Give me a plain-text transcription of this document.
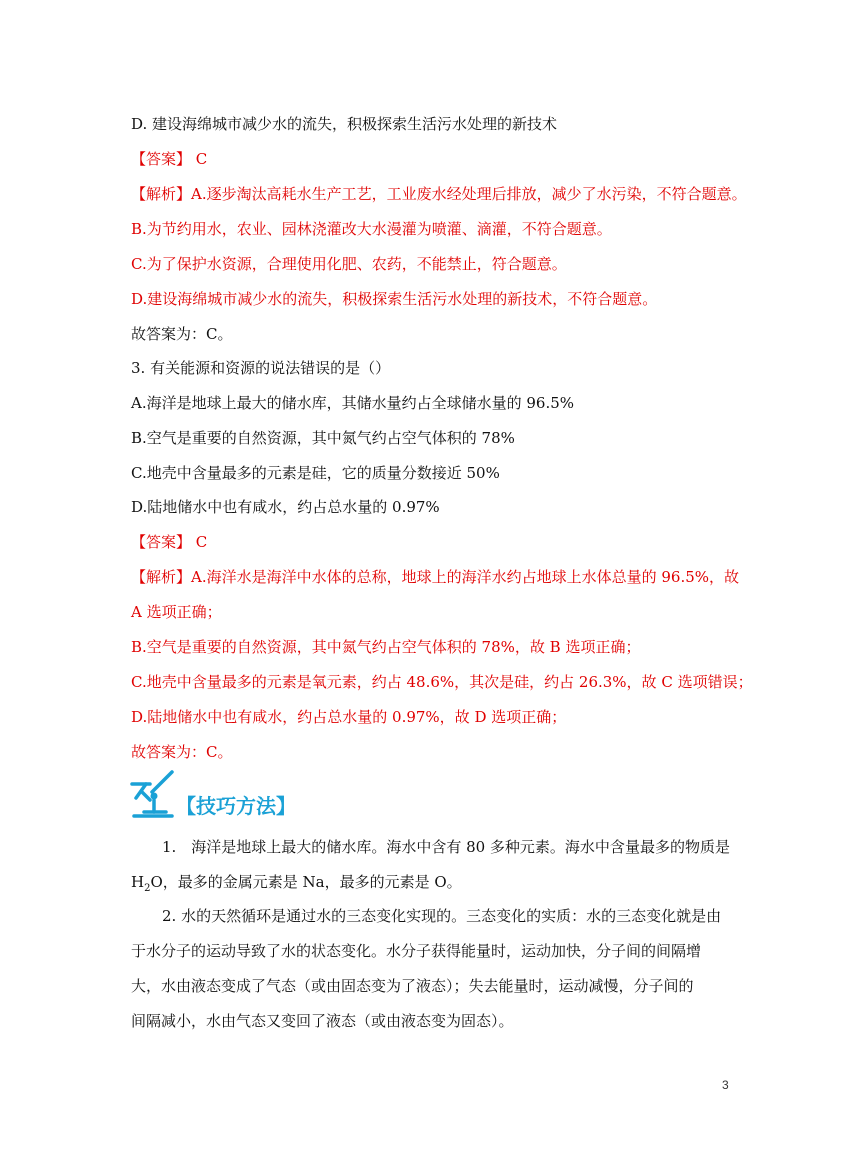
D. 建设海绵城市减少水的流失，积极探索生活污水处理的新技术
【答案】 C
【解析】A.逐步淘汰高耗水生产工艺，工业废水经处理后排放，减少了水污染，不符合题意。
B.为节约用水，农业、园林浇灌改大水漫灌为喷灌、滴灌，不符合题意。
C.为了保护水资源，合理使用化肥、农药，不能禁止，符合题意。
D.建设海绵城市减少水的流失，积极探索生活污水处理的新技术，不符合题意。
故答案为：C。
3. 有关能源和资源的说法错误的是（）
A.海洋是地球上最大的储水库，其储水量约占全球储水量的 96.5%
B.空气是重要的自然资源，其中氮气约占空气体积的 78%
C.地壳中含量最多的元素是硅，它的质量分数接近 50%
D.陆地储水中也有咸水，约占总水量的 0.97%
【答案】 C
【解析】A.海洋水是海洋中水体的总称，地球上的海洋水约占地球上水体总量的 96.5%，故
A 选项正确；
B.空气是重要的自然资源，其中氮气约占空气体积的 78%，故 B 选项正确；
C.地壳中含量最多的元素是氧元素，约占 48.6%，其次是硅，约占 26.3%，故 C 选项错误；
D.陆地储水中也有咸水，约占总水量的 0.97%，故 D 选项正确；
故答案为：C。
【技巧方法】
1.　海洋是地球上最大的储水库。海水中含有 80 多种元素。海水中含量最多的物质是
$H_2O$，最多的金属元素是 Na，最多的元素是 O。
2. 水的天然循环是通过水的三态变化实现的。三态变化的实质：水的三态变化就是由
于水分子的运动导致了水的状态变化。水分子获得能量时，运动加快，分子间的间隔增
大，水由液态变成了气态（或由固态变为了液态）；失去能量时，运动减慢，分子间的
间隔减小，水由气态又变回了液态（或由液态变为固态）。
3
